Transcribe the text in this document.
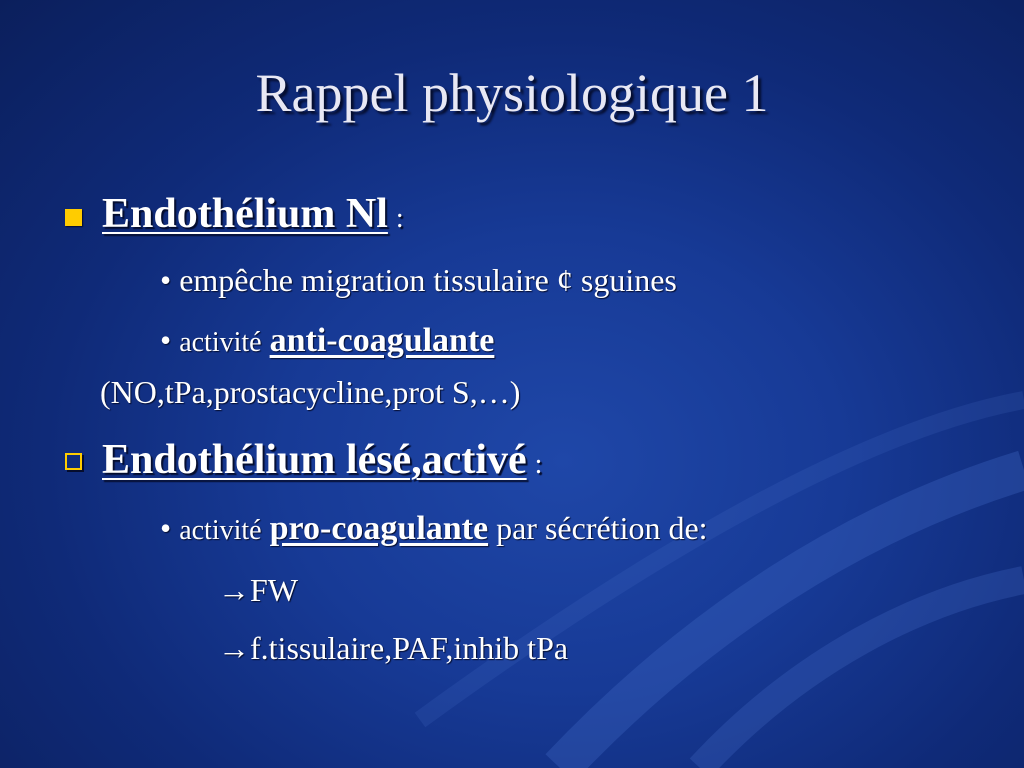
Rappel physiologique 1
Endothélium Nl :
• empêche migration tissulaire ¢ sguines
• activité anti-coagulante
(NO,tPa,prostacycline,prot S,…)
Endothélium lésé,activé :
• activité pro-coagulante par sécrétion de:
→FW
→f.tissulaire,PAF,inhib tPa
